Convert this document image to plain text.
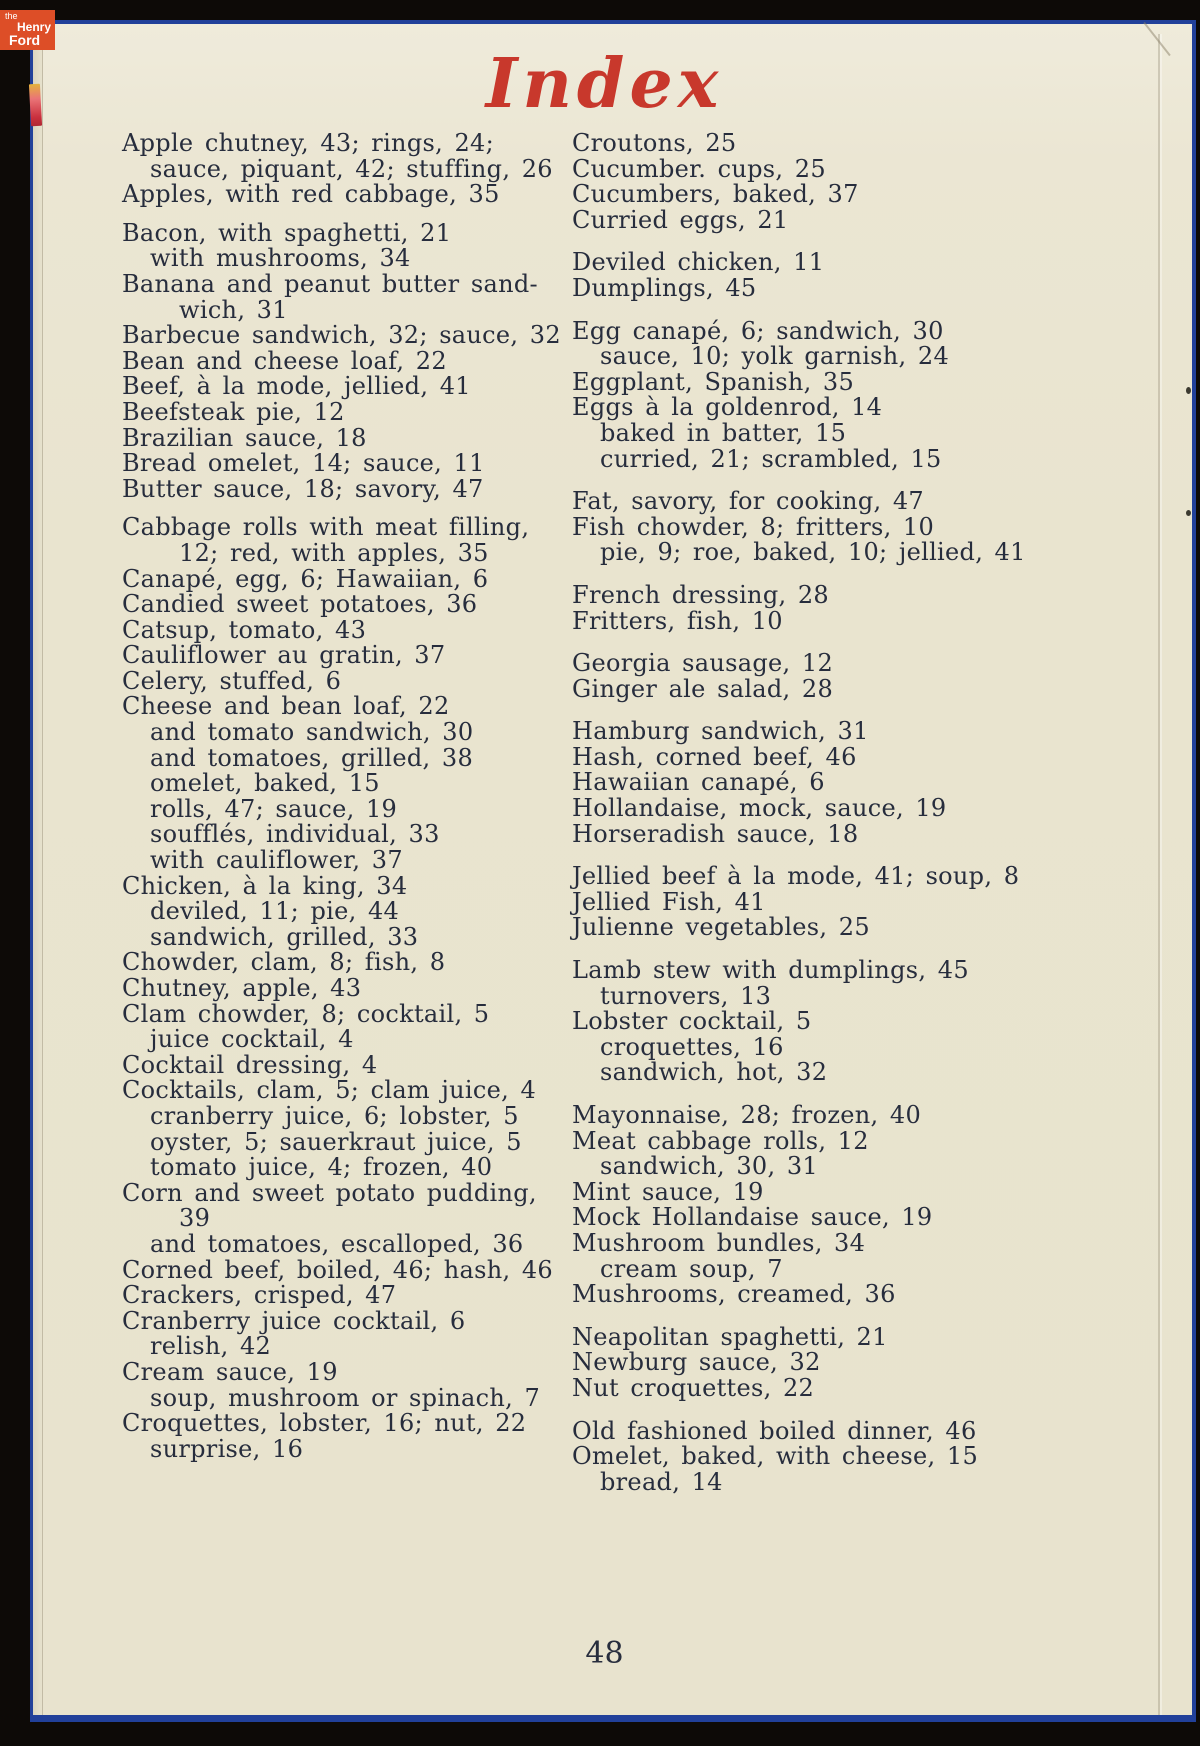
Index
Apple chutney, 43; rings, 24;
sauce, piquant, 42; stuffing, 26
Apples, with red cabbage, 35
Bacon, with spaghetti, 21
with mushrooms, 34
Banana and peanut butter sand-
wich, 31
Barbecue sandwich, 32; sauce, 32
Bean and cheese loaf, 22
Beef, à la mode, jellied, 41
Beefsteak pie, 12
Brazilian sauce, 18
Bread omelet, 14; sauce, 11
Butter sauce, 18; savory, 47
Cabbage rolls with meat filling,
12; red, with apples, 35
Canapé, egg, 6; Hawaiian, 6
Candied sweet potatoes, 36
Catsup, tomato, 43
Cauliflower au gratin, 37
Celery, stuffed, 6
Cheese and bean loaf, 22
and tomato sandwich, 30
and tomatoes, grilled, 38
omelet, baked, 15
rolls, 47; sauce, 19
soufflés, individual, 33
with cauliflower, 37
Chicken, à la king, 34
deviled, 11; pie, 44
sandwich, grilled, 33
Chowder, clam, 8; fish, 8
Chutney, apple, 43
Clam chowder, 8; cocktail, 5
juice cocktail, 4
Cocktail dressing, 4
Cocktails, clam, 5; clam juice, 4
cranberry juice, 6; lobster, 5
oyster, 5; sauerkraut juice, 5
tomato juice, 4; frozen, 40
Corn and sweet potato pudding,
39
and tomatoes, escalloped, 36
Corned beef, boiled, 46; hash, 46
Crackers, crisped, 47
Cranberry juice cocktail, 6
relish, 42
Cream sauce, 19
soup, mushroom or spinach, 7
Croquettes, lobster, 16; nut, 22
surprise, 16
Croutons, 25
Cucumber. cups, 25
Cucumbers, baked, 37
Curried eggs, 21
Deviled chicken, 11
Dumplings, 45
Egg canapé, 6; sandwich, 30
sauce, 10; yolk garnish, 24
Eggplant, Spanish, 35
Eggs à la goldenrod, 14
baked in batter, 15
curried, 21; scrambled, 15
Fat, savory, for cooking, 47
Fish chowder, 8; fritters, 10
pie, 9; roe, baked, 10; jellied, 41
French dressing, 28
Fritters, fish, 10
Georgia sausage, 12
Ginger ale salad, 28
Hamburg sandwich, 31
Hash, corned beef, 46
Hawaiian canapé, 6
Hollandaise, mock, sauce, 19
Horseradish sauce, 18
Jellied beef à la mode, 41; soup, 8
Jellied Fish, 41
Julienne vegetables, 25
Lamb stew with dumplings, 45
turnovers, 13
Lobster cocktail, 5
croquettes, 16
sandwich, hot, 32
Mayonnaise, 28; frozen, 40
Meat cabbage rolls, 12
sandwich, 30, 31
Mint sauce, 19
Mock Hollandaise sauce, 19
Mushroom bundles, 34
cream soup, 7
Mushrooms, creamed, 36
Neapolitan spaghetti, 21
Newburg sauce, 32
Nut croquettes, 22
Old fashioned boiled dinner, 46
Omelet, baked, with cheese, 15
bread, 14
48
the
Henry
Ford
